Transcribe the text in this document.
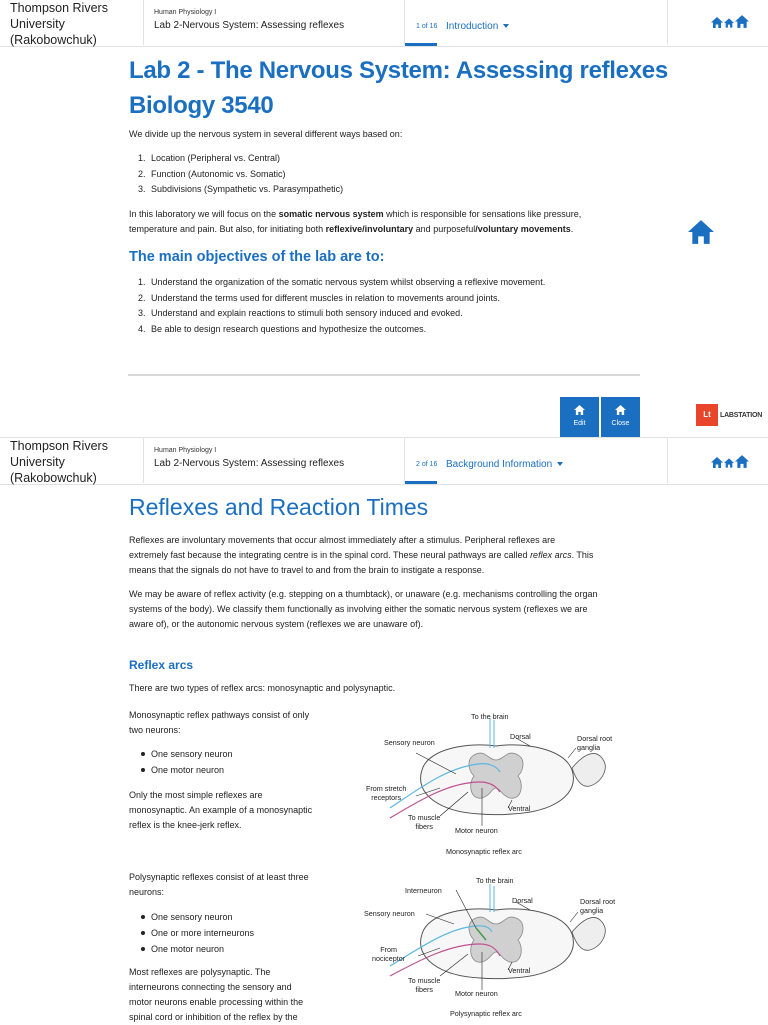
Thompson Rivers
University
(Rakobowchuk)
Human Physiology I
Lab 2-Nervous System: Assessing reflexes	1 of 16 Introduction
Lab 2 - The Nervous System: Assessing reflexes
Biology 3540
We divide up the nervous system in several different ways based on:
1. Location (Peripheral vs. Central)
2. Function (Autonomic vs. Somatic)
3. Subdivisions (Sympathetic vs. Parasympathetic)
In this laboratory we will focus on the somatic nervous system which is responsible for sensations like pressure,
temperature and pain. But also, for initiating both reflexive/involuntary and purposeful/voluntary movements.
The main objectives of the lab are to:
1. Understand the organization of the somatic nervous system whilst observing a reflexive movement.
2. Understand the terms used for different muscles in relation to movements around joints.
3. Understand and explain reactions to stimuli both sensory induced and evoked.
4. Be able to design research questions and hypothesize the outcomes.
Edit	Close
Lt	LABSTATION
Thompson Rivers
University
(Rakobowchuk)
Human Physiology I
Lab 2-Nervous System: Assessing reflexes	2 of 16 Background Information
Reflexes and Reaction Times
Reflexes are involuntary movements that occur almost immediately after a stimulus. Peripheral reflexes are
extremely fast because the integrating centre is in the spinal cord. These neural pathways are called reflex arcs. This
means that the signals do not have to travel to and from the brain to instigate a response.
We may be aware of reflex activity (e.g. stepping on a thumbtack), or unaware (e.g. mechanisms controlling the organ
systems of the body). We classify them functionally as involving either the somatic nervous system (reflexes we are
aware of), or the autonomic nervous system (reflexes we are unaware of).
Reflex arcs
There are two types of reflex arcs: monosynaptic and polysynaptic.
Monosynaptic reflex pathways consist of only
two neurons:
One sensory neuron
One motor neuron
Only the most simple reflexes are
monosynaptic. An example of a monosynaptic
reflex is the knee-jerk reflex.
Polysynaptic reflexes consist of at least three
neurons:
One sensory neuron
One or more interneurons
One motor neuron
Most reflexes are polysynaptic. The
interneurons connecting the sensory and
motor neurons enable processing within the
spinal cord or inhibition of the reflex by the
To the brain
Dorsal	Dorsal root
ganglia
Sensory neuron
From stretch
receptors
Ventral
To muscle
fibers	Motor neuron
Monosynaptic reflex arc
To the brain
Interneuron
Dorsal	Dorsal root
ganglia
Sensory neuron
From
nociceptor
Ventral
To muscle
fibers	Motor neuron
Polysynaptic reflex arc
